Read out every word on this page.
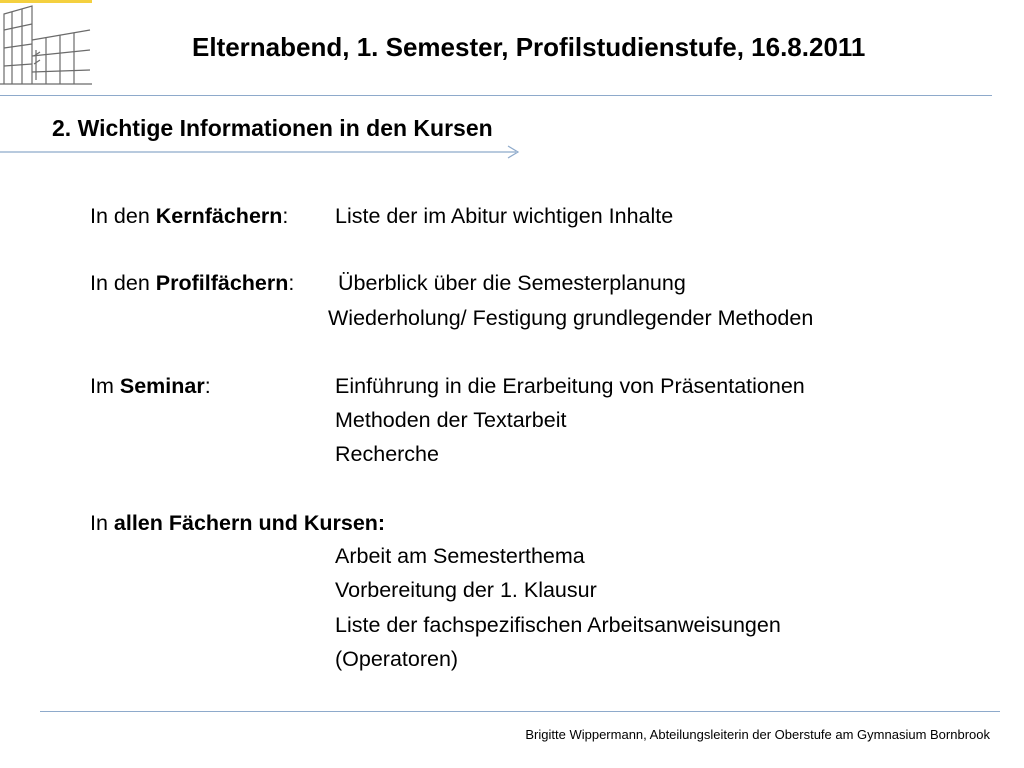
Elternabend, 1. Semester, Profilstudienstufe, 16.8.2011
2. Wichtige Informationen in den Kursen
In den Kernfächern: Liste der im Abitur wichtigen Inhalte
In den Profilfächern: Überblick über die Semesterplanung
Wiederholung/ Festigung grundlegender Methoden
Im Seminar:	Einführung in die Erarbeitung von Präsentationen
Methoden der Textarbeit
Recherche
In allen Fächern und Kursen:
Arbeit am Semesterthema
Vorbereitung der 1. Klausur
Liste der fachspezifischen Arbeitsanweisungen
(Operatoren)
Brigitte Wippermann, Abteilungsleiterin der Oberstufe am Gymnasium Bornbrook
